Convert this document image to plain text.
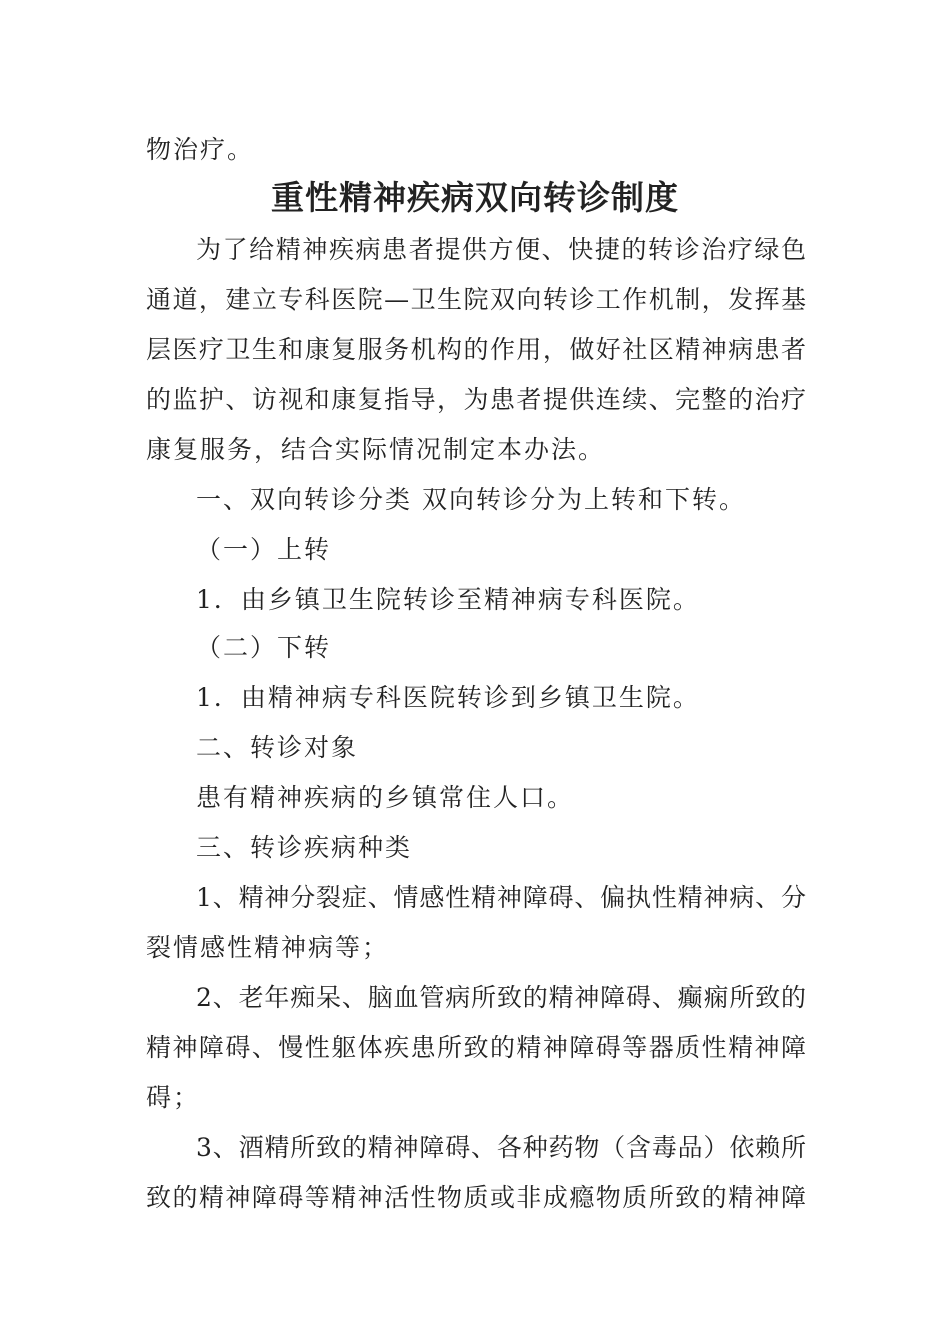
物治疗。

重性精神疾病双向转诊制度

为了给精神疾病患者提供方便、快捷的转诊治疗绿色

通道，建立专科医院—卫生院双向转诊工作机制，发挥基

层医疗卫生和康复服务机构的作用，做好社区精神病患者

的监护、访视和康复指导，为患者提供连续、完整的治疗

康复服务，结合实际情况制定本办法。

一、双向转诊分类 双向转诊分为上转和下转。

（一）上转

1．由乡镇卫生院转诊至精神病专科医院。

（二）下转

1．由精神病专科医院转诊到乡镇卫生院。

二、转诊对象

患有精神疾病的乡镇常住人口。

三、转诊疾病种类

1、精神分裂症、情感性精神障碍、偏执性精神病、分

裂情感性精神病等；

2、老年痴呆、脑血管病所致的精神障碍、癫痫所致的

精神障碍、慢性躯体疾患所致的精神障碍等器质性精神障

碍；

3、酒精所致的精神障碍、各种药物（含毒品）依赖所

致的精神障碍等精神活性物质或非成瘾物质所致的精神障
